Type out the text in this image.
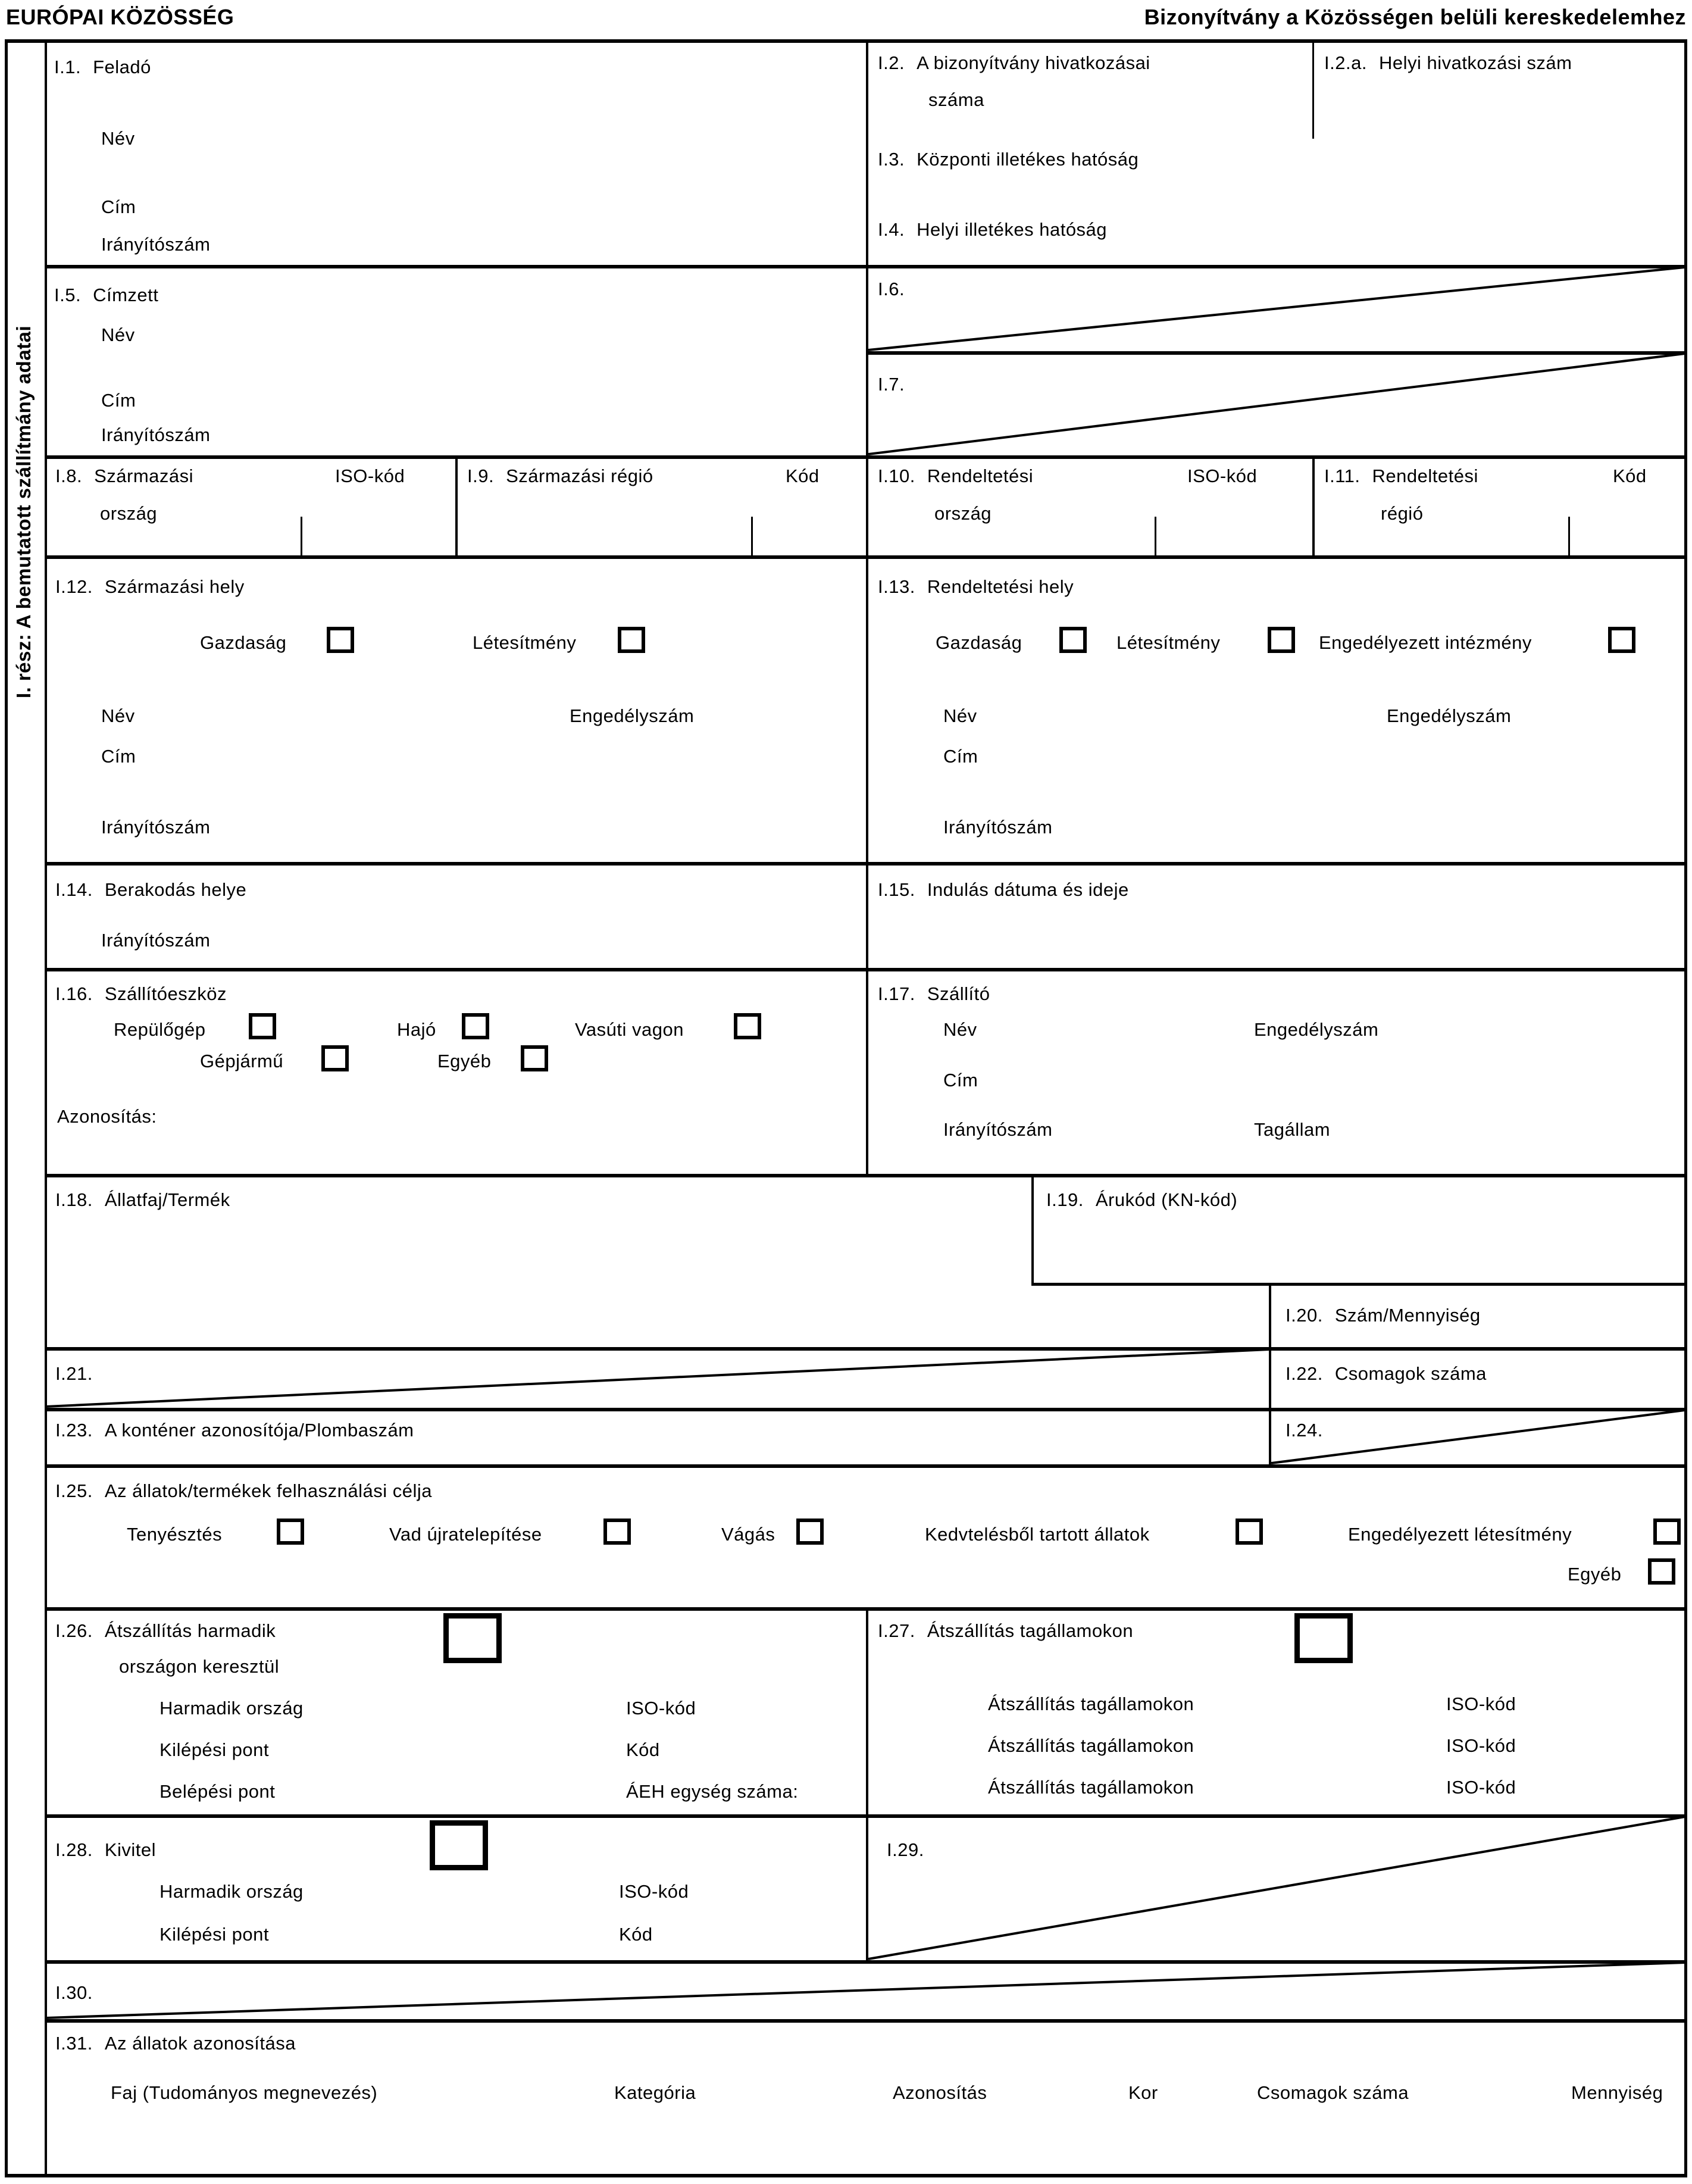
EURÓPAI KÖZÖSSÉG	Bizonyítvány a Közösségen belüli kereskedelemhez
I. rész: A bemutatott szállítmány adatai
I.1. Feladó
Név
Cím
Irányítószám
I.2. A bizonyítvány hivatkozásai
száma
I.2.a. Helyi hivatkozási szám
I.3. Központi illetékes hatóság
I.4. Helyi illetékes hatóság
I.5. Címzett
Név
Cím
Irányítószám
I.6.
I.7.
I.8. Származási
ország
ISO-kód	I.9. Származási régió	Kód	I.10. Rendeltetési
ország
ISO-kód	I.11. Rendeltetési
régió
Kód
I.12. Származási hely
Gazdaság	Létesítmény
Név	Engedélyszám
Cím
Irányítószám
I.13. Rendeltetési hely
Gazdaság	Létesítmény	Engedélyezett intézmény
Név	Engedélyszám
Cím
Irányítószám
I.14. Berakodás helye
Irányítószám
I.15. Indulás dátuma és ideje
I.16. Szállítóeszköz
Repülőgép	Hajó	Vasúti vagon
Gépjármű	Egyéb
Azonosítás:
I.17. Szállító
Név	Engedélyszám
Cím
Irányítószám	Tagállam
I.18. Állatfaj/Termék	I.19. Árukód (KN-kód)
I.20. Szám/Mennyiség
I.21.	I.22. Csomagok száma
I.23. A konténer azonosítója/Plombaszám	I.24.
I.25. Az állatok/termékek felhasználási célja
Tenyésztés	Vad újratelepítése	Vágás	Kedvtelésből tartott állatok	Engedélyezett létesítmény
Egyéb
I.26. Átszállítás harmadik
országon keresztül
Harmadik ország	ISO-kód
Kilépési pont	Kód
Belépési pont	ÁEH egység száma:
I.27. Átszállítás tagállamokon
Átszállítás tagállamokon	ISO-kód
Átszállítás tagállamokon	ISO-kód
Átszállítás tagállamokon	ISO-kód
I.28. Kivitel
Harmadik ország	ISO-kód
Kilépési pont	Kód
I.29.
I.30.
I.31. Az állatok azonosítása
Faj (Tudományos megnevezés)	Kategória	Azonosítás	Kor	Csomagok száma	Mennyiség
